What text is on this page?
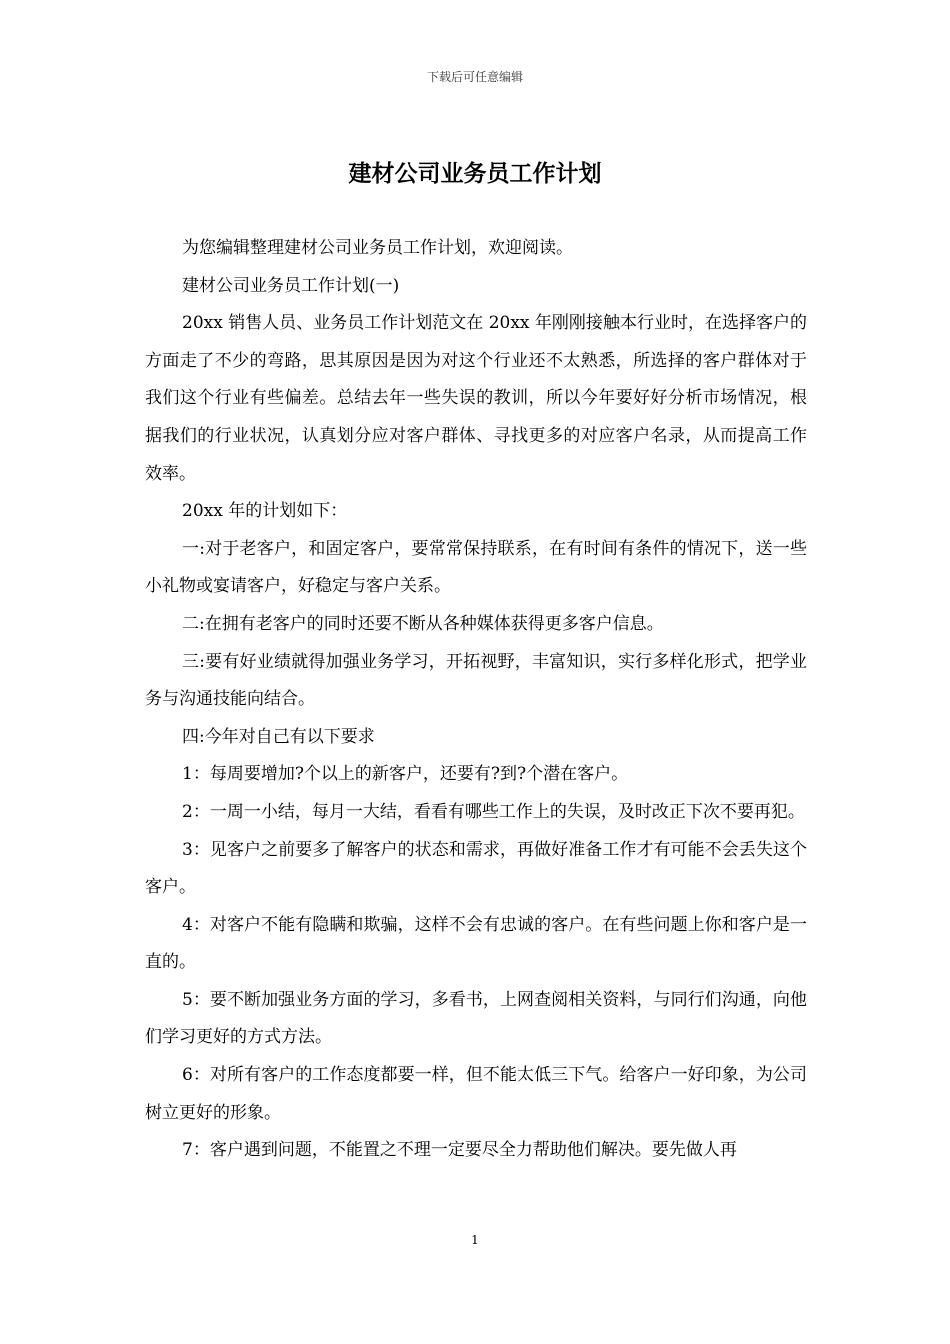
下载后可任意编辑
建材公司业务员工作计划

为您编辑整理建材公司业务员工作计划，欢迎阅读。

建材公司业务员工作计划(一)

20xx 销售人员、业务员工作计划范文在 20xx 年刚刚接触本行业时，在选择客户的方面走了不少的弯路，思其原因是因为对这个行业还不太熟悉，所选择的客户群体对于我们这个行业有些偏差。总结去年一些失误的教训，所以今年要好好分析市场情况，根据我们的行业状况，认真划分应对客户群体、寻找更多的对应客户名录，从而提高工作效率。

20xx 年的计划如下：

一:对于老客户，和固定客户，要常常保持联系，在有时间有条件的情况下，送一些小礼物或宴请客户，好稳定与客户关系。

二:在拥有老客户的同时还要不断从各种媒体获得更多客户信息。

三:要有好业绩就得加强业务学习，开拓视野，丰富知识，实行多样化形式，把学业务与沟通技能向结合。

四:今年对自己有以下要求

1：每周要增加?个以上的新客户，还要有?到?个潜在客户。

2：一周一小结，每月一大结，看看有哪些工作上的失误，及时改正下次不要再犯。

3：见客户之前要多了解客户的状态和需求，再做好准备工作才有可能不会丢失这个客户。

4：对客户不能有隐瞒和欺骗，这样不会有忠诚的客户。在有些问题上你和客户是一直的。

5：要不断加强业务方面的学习，多看书，上网查阅相关资料，与同行们沟通，向他们学习更好的方式方法。

6：对所有客户的工作态度都要一样，但不能太低三下气。给客户一好印象，为公司树立更好的形象。

7：客户遇到问题，不能置之不理一定要尽全力帮助他们解决。要先做人再

1
